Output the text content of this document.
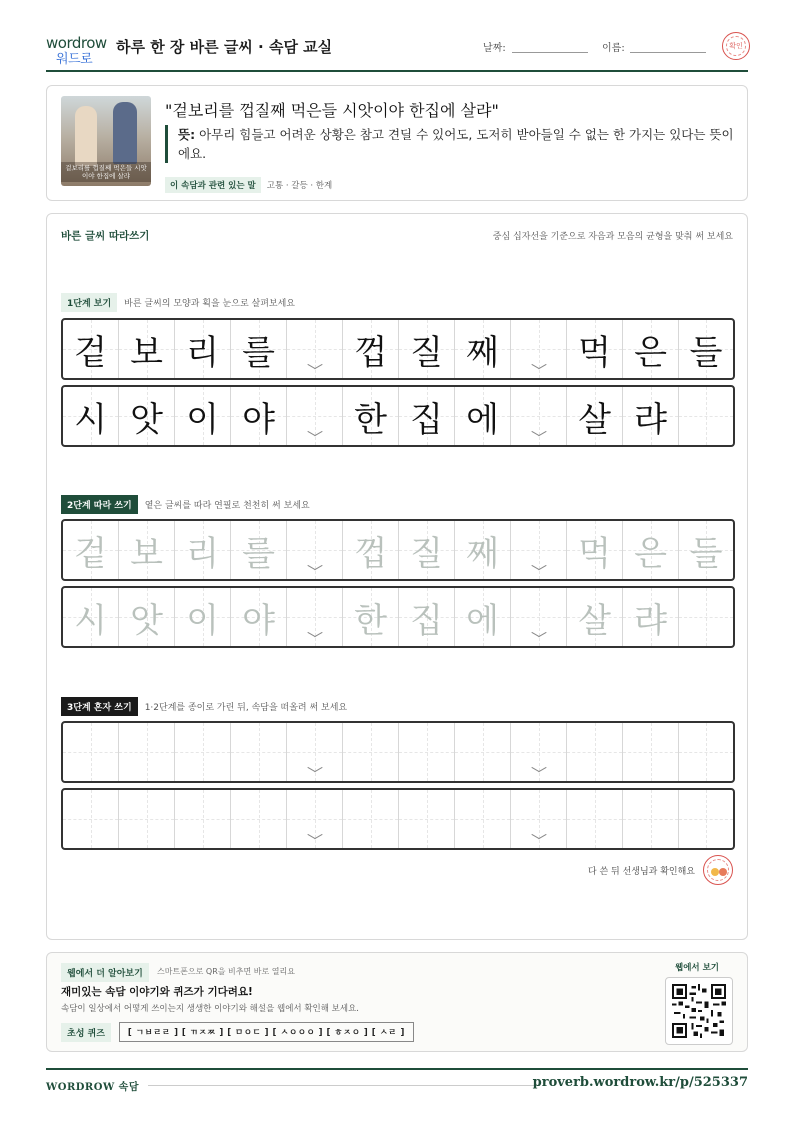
wordrow
워드로
하루 한 장 바른 글씨 · 속담 교실	날짜:	이름:	확인
겉보리를 껍질째 먹은들 시앗이야 한집에 살랴
"겉보리를 껍질째 먹은들 시앗이야 한집에 살랴"
뜻: 아무리 힘들고 어려운 상황은 참고 견딜 수 있어도, 도저히 받아들일 수 없는 한 가지는 있다는 뜻이에요.
이 속담과 관련 있는 말	고통 · 갈등 · 한계
바른 글씨 따라쓰기	중심 십자선을 기준으로 자음과 모음의 균형을 맞춰 써 보세요
1단계 보기	바른 글씨의 모양과 획을 눈으로 살펴보세요
겉 보 리 를	껍 질 째	먹 은 들
시 앗 이 야	한 집 에	살 랴
2단계 따라 쓰기	옅은 글씨를 따라 연필로 천천히 써 보세요
겉 보 리 를	껍 질 째	먹 은 들
시 앗 이 야	한 집 에	살 랴
3단계 혼자 쓰기	1·2단계를 종이로 가린 뒤, 속담을 떠올려 써 보세요
다 쓴 뒤 선생님과 확인해요
웹에서 더 알아보기	스마트폰으로 QR을 비추면 바로 열리요
재미있는 속담 이야기와 퀴즈가 기다려요!
속담이 일상에서 어떻게 쓰이는지 생생한 이야기와 해설을 웹에서 확인해 보세요.
초성 퀴즈	[ ㄱㅂㄹㄹ ] [ ㄲㅈㅉ ] [ ㅁㅇㄷ ] [ ㅅㅇㅇㅇ ] [ ㅎㅈㅇ ] [ ㅅㄹ ]
웹에서 보기
WORDROW 속담	proverb.wordrow.kr/p/525337
